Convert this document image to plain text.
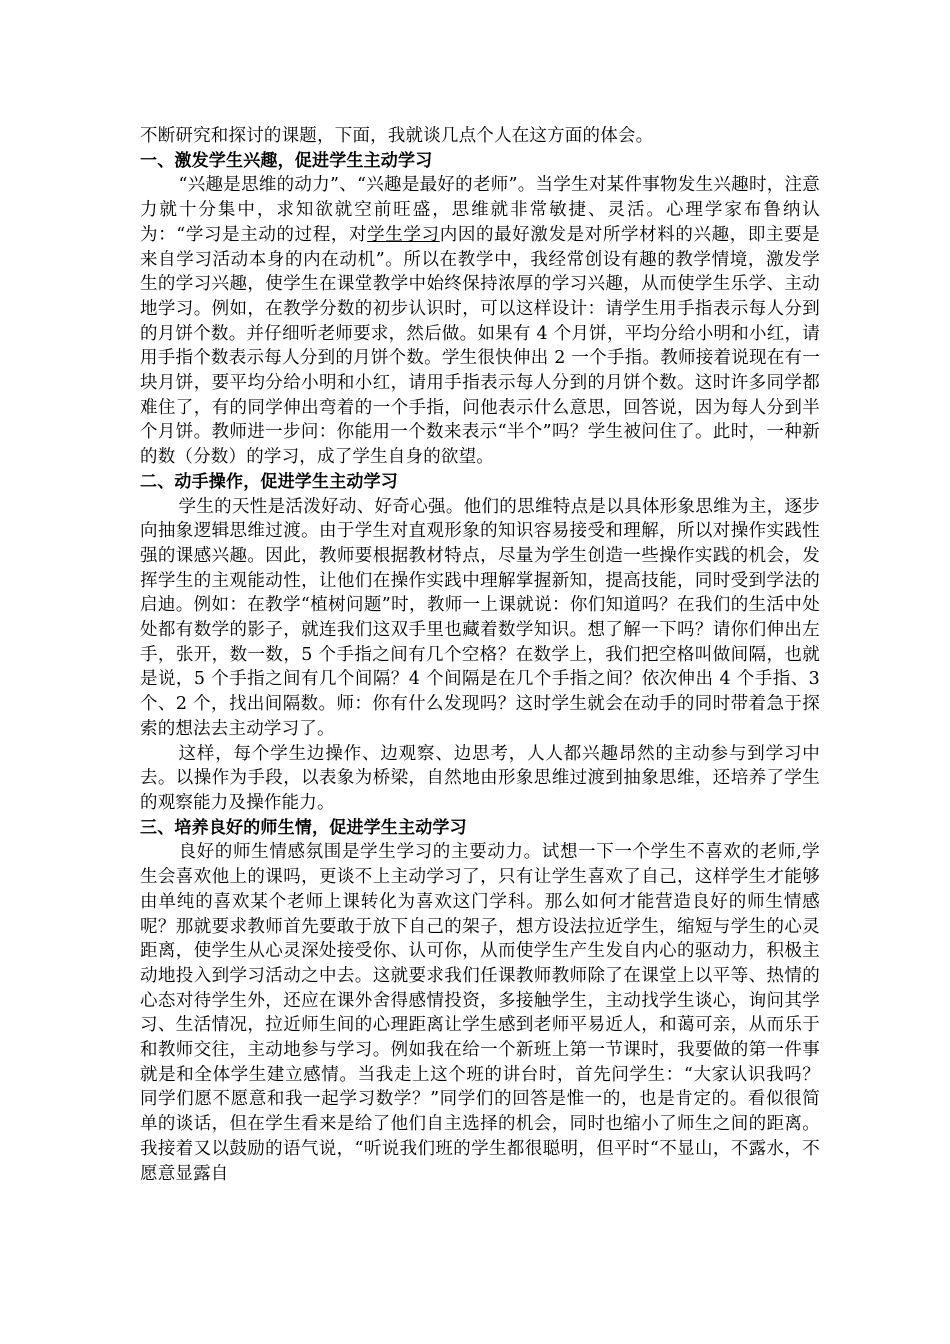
不断研究和探讨的课题，下面，我就谈几点个人在这方面的体会。

一、激发学生兴趣，促进学生主动学习

“兴趣是思维的动力”、“兴趣是最好的老师”。当学生对某件事物发生兴趣时，注意力就十分集中，求知欲就空前旺盛，思维就非常敏捷、灵活。心理学家布鲁纳认为：“学习是主动的过程，对学生学习内因的最好激发是对所学材料的兴趣，即主要是来自学习活动本身的内在动机”。所以在教学中，我经常创设有趣的教学情境，激发学生的学习兴趣，使学生在课堂教学中始终保持浓厚的学习兴趣，从而使学生乐学、主动地学习。例如，在教学分数的初步认识时，可以这样设计：请学生用手指表示每人分到的月饼个数。并仔细听老师要求，然后做。如果有 4 个月饼，平均分给小明和小红，请用手指个数表示每人分到的月饼个数。学生很快伸出 2 一个手指。教师接着说现在有一块月饼，要平均分给小明和小红，请用手指表示每人分到的月饼个数。这时许多同学都难住了，有的同学伸出弯着的一个手指，问他表示什么意思，回答说，因为每人分到半个月饼。教师进一步问：你能用一个数来表示“半个”吗？学生被问住了。此时，一种新的数（分数）的学习，成了学生自身的欲望。

二、动手操作，促进学生主动学习

学生的天性是活泼好动、好奇心强。他们的思维特点是以具体形象思维为主，逐步向抽象逻辑思维过渡。由于学生对直观形象的知识容易接受和理解，所以对操作实践性强的课感兴趣。因此，教师要根据教材特点，尽量为学生创造一些操作实践的机会，发挥学生的主观能动性，让他们在操作实践中理解掌握新知，提高技能，同时受到学法的启迪。例如：在教学“植树问题”时，教师一上课就说：你们知道吗？在我们的生活中处处都有数学的影子，就连我们这双手里也藏着数学知识。想了解一下吗？请你们伸出左手，张开，数一数，5 个手指之间有几个空格？在数学上，我们把空格叫做间隔，也就是说，5 个手指之间有几个间隔？4 个间隔是在几个手指之间？依次伸出 4 个手指、3 个、2 个，找出间隔数。师：你有什么发现吗？这时学生就会在动手的同时带着急于探索的想法去主动学习了。

这样，每个学生边操作、边观察、边思考，人人都兴趣昂然的主动参与到学习中去。以操作为手段，以表象为桥梁，自然地由形象思维过渡到抽象思维，还培养了学生的观察能力及操作能力。

三、培养良好的师生情，促进学生主动学习

良好的师生情感氛围是学生学习的主要动力。试想一下一个学生不喜欢的老师,学生会喜欢他上的课吗，更谈不上主动学习了，只有让学生喜欢了自己，这样学生才能够由单纯的喜欢某个老师上课转化为喜欢这门学科。那么如何才能营造良好的师生情感呢？那就要求教师首先要敢于放下自己的架子，想方设法拉近学生，缩短与学生的心灵距离，使学生从心灵深处接受你、认可你，从而使学生产生发自内心的驱动力，积极主动地投入到学习活动之中去。这就要求我们任课教师教师除了在课堂上以平等、热情的心态对待学生外，还应在课外舍得感情投资，多接触学生，主动找学生谈心，询问其学习、生活情况，拉近师生间的心理距离让学生感到老师平易近人，和蔼可亲，从而乐于和教师交往，主动地参与学习。例如我在给一个新班上第一节课时，我要做的第一件事就是和全体学生建立感情。当我走上这个班的讲台时，首先问学生：“大家认识我吗？同学们愿不愿意和我一起学习数学？”同学们的回答是惟一的，也是肯定的。看似很简单的谈话，但在学生看来是给了他们自主选择的机会，同时也缩小了师生之间的距离。我接着又以鼓励的语气说，“听说我们班的学生都很聪明，但平时“不显山，不露水，不愿意显露自
